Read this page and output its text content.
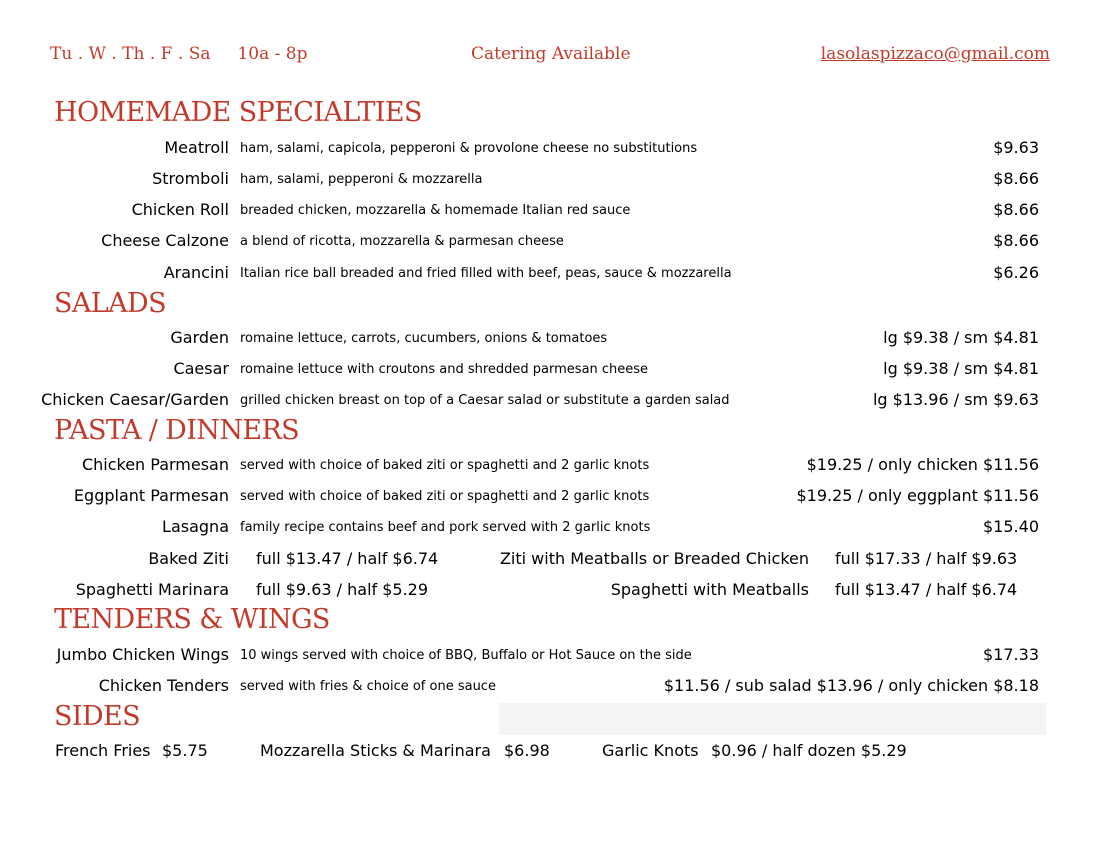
Tu . W . Th . F . Sa     10a - 8p	Catering Available	lasolaspizzaco@gmail.com
HOMEMADE SPECIALTIES
Meatroll ham, salami, capicola, pepperoni & provolone cheese no substitutions	$9.63
Stromboli ham, salami, pepperoni & mozzarella	$8.66
Chicken Roll breaded chicken, mozzarella & homemade Italian red sauce	$8.66
Cheese Calzone a blend of ricotta, mozzarella & parmesan cheese	$8.66
Arancini Italian rice ball breaded and fried filled with beef, peas, sauce & mozzarella	$6.26
SALADS
Garden romaine lettuce, carrots, cucumbers, onions & tomatoes	lg $9.38 / sm $4.81
Caesar romaine lettuce with croutons and shredded parmesan cheese	lg $9.38 / sm $4.81
Chicken Caesar/Garden grilled chicken breast on top of a Caesar salad or substitute a garden salad	lg $13.96 / sm $9.63
PASTA / DINNERS
Chicken Parmesan served with choice of baked ziti or spaghetti and 2 garlic knots	$19.25 / only chicken $11.56
Eggplant Parmesan served with choice of baked ziti or spaghetti and 2 garlic knots	$19.25 / only eggplant $11.56
Lasagna family recipe contains beef and pork served with 2 garlic knots	$15.40
Baked Ziti full $13.47 / half $6.74	Ziti with Meatballs or Breaded Chicken full $17.33 / half $9.63
Spaghetti Marinara full $9.63 / half $5.29	Spaghetti with Meatballs full $13.47 / half $6.74
TENDERS & WINGS
Jumbo Chicken Wings 10 wings served with choice of BBQ, Buffalo or Hot Sauce on the side	$17.33
Chicken Tenders served with fries & choice of one sauce	$11.56 / sub salad $13.96 / only chicken $8.18
SIDES
French Fries $5.75	Mozzarella Sticks & Marinara $6.98	Garlic Knots $0.96 / half dozen $5.29
